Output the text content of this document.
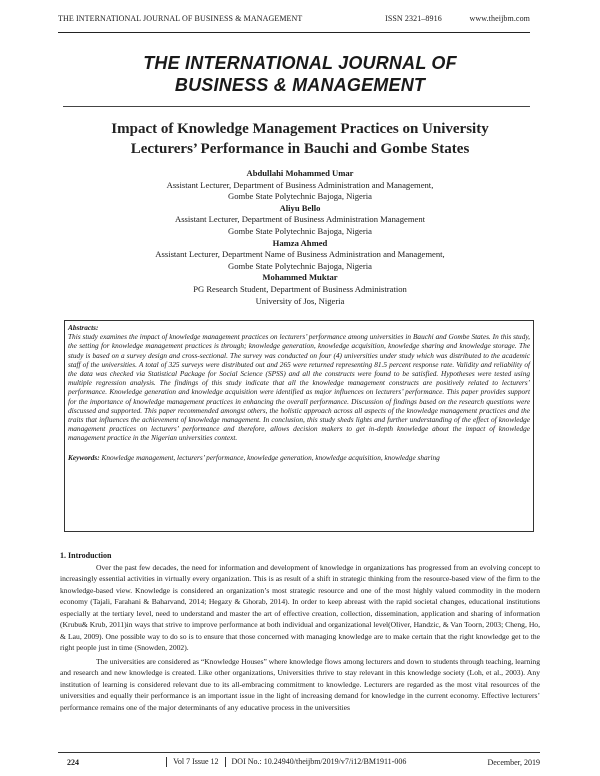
THE INTERNATIONAL JOURNAL OF BUSINESS & MANAGEMENT	ISSN 2321–8916	www.theijbm.com
THE INTERNATIONAL JOURNAL OF
BUSINESS & MANAGEMENT
Impact of Knowledge Management Practices on University
Lecturers’ Performance in Bauchi and Gombe States
Abdullahi Mohammed Umar
Assistant Lecturer, Department of Business Administration and Management,
Gombe State Polytechnic Bajoga, Nigeria
Aliyu Bello
Assistant Lecturer, Department of Business Administration Management
Gombe State Polytechnic Bajoga, Nigeria
Hamza Ahmed
Assistant Lecturer, Department Name of Business Administration and Management,
Gombe State Polytechnic Bajoga, Nigeria
Mohammed Muktar
PG Research Student, Department of Business Administration
University of Jos, Nigeria
Abstracts:
This study examines the impact of knowledge management practices on lecturers’ performance among universities in Bauchi and Gombe States. In this study, the setting for knowledge management practices is through; knowledge generation, knowledge acquisition, knowledge sharing and knowledge storage. The study is based on a survey design and cross-sectional. The survey was conducted on four (4) universities under study which was distributed to the academic staff of the universities. A total of 325 surveys were distributed out and 265 were returned representing 81.5 percent response rate. Validity and reliability of the data was checked via Statistical Package for Social Science (SPSS) and all the constructs were found to be satisfied. Hypotheses were tested using multiple regression analysis. The findings of this study indicate that all the knowledge management constructs are positively related to lecturers’ performance. Knowledge generation and knowledge acquisition were identified as major influences on lecturers’ performance. This paper provides support for the importance of knowledge management practices in enhancing the overall performance. Discussion of findings based on the research questions were discussed and supported. This paper recommended amongst others, the holistic approach across all aspects of the knowledge management practices and the traits that influences the achievement of knowledge management. In conclusion, this study sheds lights and further understanding of the effect of knowledge management practices on lecturers’ performance and therefore, allows decision makers to get in-depth knowledge about the impact of knowledge management practice in the Nigerian universities context.
Keywords: Knowledge management, lecturers’ performance, knowledge generation, knowledge acquisition, knowledge sharing
1. Introduction

Over the past few decades, the need for information and development of knowledge in organizations has progressed from an evolving concept to increasingly essential activities in virtually every organization. This is as result of a shift in strategic thinking from the resource-based view of the firm to the knowledge-based view. Knowledge is considered an organization’s most strategic resource and one of the most highly valued commodity in the modern economy (Tajali, Farahani & Baharvand, 2014; Hegazy & Ghorab, 2014). In order to keep abreast with the rapid societal changes, educational institutions especially at the tertiary level, need to understand and master the art of effective creation, collection, dissemination, application and sharing of information (Krubu& Krub, 2011)in ways that strive to improve performance at both individual and organizational level(Oliver, Handzic, & Van Toorn, 2003; Cheng, Ho, & Lau, 2009). One possible way to do so is to ensure that those concerned with managing knowledge are to make certain that the right knowledge get to the right people just in time (Snowden, 2002).

The universities are considered as “Knowledge Houses” where knowledge flows among lecturers and down to students through teaching, learning and research and new knowledge is created. Like other organizations, Universities thrive to stay relevant in this knowledge society (Loh, et al., 2003). Any institution of learning is considered relevant due to its all-embracing commitment to knowledge. Lecturers are regarded as the most vital resources of the universities and equally their performance is an important issue in the light of increasing demand for knowledge in the current economy. Effective lecturers’ performance remains one of the major determinants of any educative process in the universities

224	Vol 7 Issue 12 DOI No.: 10.24940/theijbm/2019/v7/i12/BM1911-006	December, 2019
